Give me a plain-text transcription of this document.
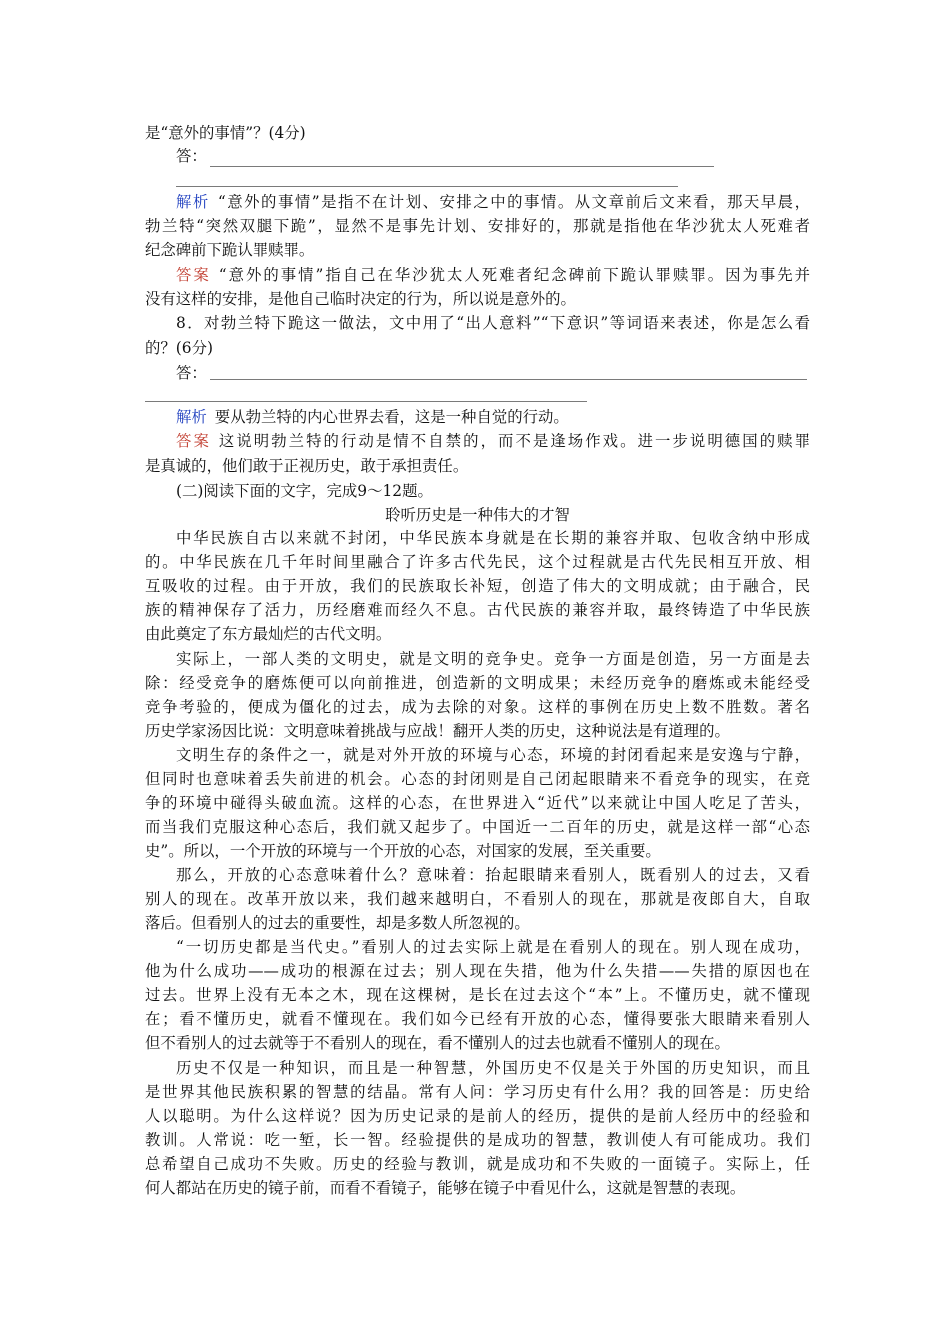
是“意外的事情”？(4分)
答：
解析 “意外的事情”是指不在计划、安排之中的事情。从文章前后文来看，那天早晨，
勃兰特“突然双腿下跪”，显然不是事先计划、安排好的，那就是指他在华沙犹太人死难者
纪念碑前下跪认罪赎罪。
答案 “意外的事情”指自己在华沙犹太人死难者纪念碑前下跪认罪赎罪。因为事先并
没有这样的安排，是他自己临时决定的行为，所以说是意外的。
8．对勃兰特下跪这一做法，文中用了“出人意料”“下意识”等词语来表述，你是怎么看
的？(6分)
答：
解析 要从勃兰特的内心世界去看，这是一种自觉的行动。
答案 这说明勃兰特的行动是情不自禁的，而不是逢场作戏。进一步说明德国的赎罪
是真诚的，他们敢于正视历史，敢于承担责任。
(二)阅读下面的文字，完成9～12题。
聆听历史是一种伟大的才智
中华民族自古以来就不封闭，中华民族本身就是在长期的兼容并取、包收含纳中形成
的。中华民族在几千年时间里融合了许多古代先民，这个过程就是古代先民相互开放、相
互吸收的过程。由于开放，我们的民族取长补短，创造了伟大的文明成就；由于融合，民
族的精神保存了活力，历经磨难而经久不息。古代民族的兼容并取，最终铸造了中华民族
由此奠定了东方最灿烂的古代文明。
实际上，一部人类的文明史，就是文明的竞争史。竞争一方面是创造，另一方面是去
除：经受竞争的磨炼便可以向前推进，创造新的文明成果；未经历竞争的磨炼或未能经受
竞争考验的，便成为僵化的过去，成为去除的对象。这样的事例在历史上数不胜数。著名
历史学家汤因比说：文明意味着挑战与应战！翻开人类的历史，这种说法是有道理的。
文明生存的条件之一，就是对外开放的环境与心态，环境的封闭看起来是安逸与宁静，
但同时也意味着丢失前进的机会。心态的封闭则是自己闭起眼睛来不看竞争的现实，在竞
争的环境中碰得头破血流。这样的心态，在世界进入“近代”以来就让中国人吃足了苦头，
而当我们克服这种心态后，我们就又起步了。中国近一二百年的历史，就是这样一部“心态
史”。所以，一个开放的环境与一个开放的心态，对国家的发展，至关重要。
那么，开放的心态意味着什么？意味着：抬起眼睛来看别人，既看别人的过去，又看
别人的现在。改革开放以来，我们越来越明白，不看别人的现在，那就是夜郎自大，自取
落后。但看别人的过去的重要性，却是多数人所忽视的。
“一切历史都是当代史。”看别人的过去实际上就是在看别人的现在。别人现在成功，
他为什么成功——成功的根源在过去；别人现在失措，他为什么失措——失措的原因也在
过去。世界上没有无本之木，现在这棵树，是长在过去这个“本”上。不懂历史，就不懂现
在；看不懂历史，就看不懂现在。我们如今已经有开放的心态，懂得要张大眼睛来看别人
但不看别人的过去就等于不看别人的现在，看不懂别人的过去也就看不懂别人的现在。
历史不仅是一种知识，而且是一种智慧，外国历史不仅是关于外国的历史知识，而且
是世界其他民族积累的智慧的结晶。常有人问：学习历史有什么用？我的回答是：历史给
人以聪明。为什么这样说？因为历史记录的是前人的经历，提供的是前人经历中的经验和
教训。人常说：吃一堑，长一智。经验提供的是成功的智慧，教训使人有可能成功。我们
总希望自己成功不失败。历史的经验与教训，就是成功和不失败的一面镜子。实际上，任
何人都站在历史的镜子前，而看不看镜子，能够在镜子中看见什么，这就是智慧的表现。
